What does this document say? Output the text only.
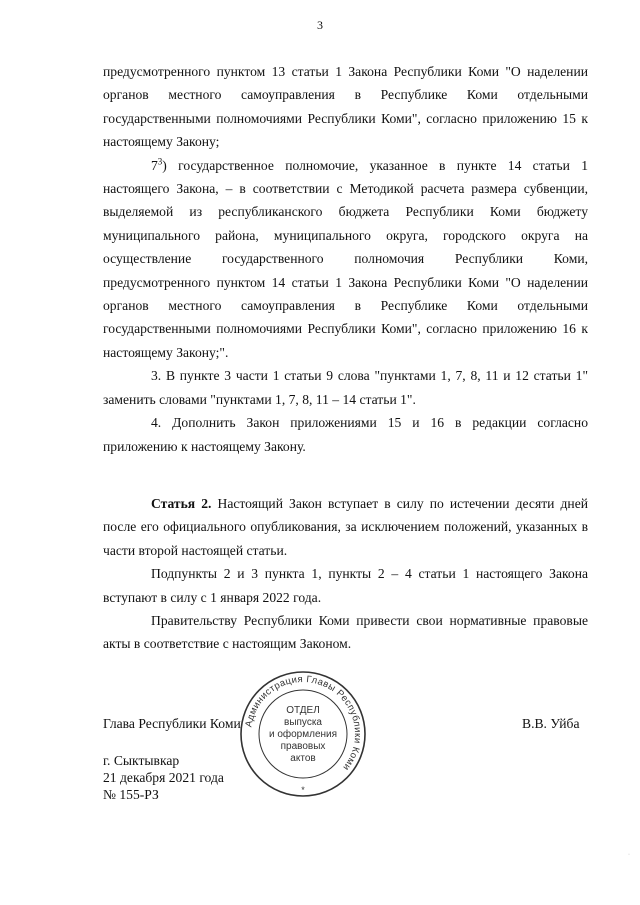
3

предусмотренного пунктом 13 статьи 1 Закона Республики Коми "О наделении органов местного самоуправления в Республике Коми отдельными государственными полномочиями Республики Коми", согласно приложению 15 к настоящему Закону;

$7^3$) государственное полномочие, указанное в пункте 14 статьи 1 настоящего Закона, – в соответствии с Методикой расчета размера субвенции, выделяемой из республиканского бюджета Республики Коми бюджету муниципального района, муниципального округа, городского округа на осуществление государственного полномочия Республики Коми, предусмотренного пунктом 14 статьи 1 Закона Республики Коми "О наделении органов местного самоуправления в Республике Коми отдельными государственными полномочиями Республики Коми", согласно приложению 16 к настоящему Закону;".

3. В пункте 3 части 1 статьи 9 слова "пунктами 1, 7, 8, 11 и 12 статьи 1" заменить словами "пунктами 1, 7, 8, 11 – 14 статьи 1".

4. Дополнить Закон приложениями 15 и 16 в редакции согласно приложению к настоящему Закону.

Статья 2. Настоящий Закон вступает в силу по истечении десяти дней после его официального опубликования, за исключением положений, указанных в части второй настоящей статьи.

Подпункты 2 и 3 пункта 1, пункты 2 – 4 статьи 1 настоящего Закона вступают в силу с 1 января 2022 года.

Правительству Республики Коми привести свои нормативные правовые акты в соответствие с настоящим Законом.

Глава Республики Коми	В.В. Уйба
г. Сыктывкар
21 декабря 2021 года
№ 155-РЗ
Администрация Главы Республики Коми
ОТДЕЛ
выпуска
и оформления
правовых
актов
*
·
